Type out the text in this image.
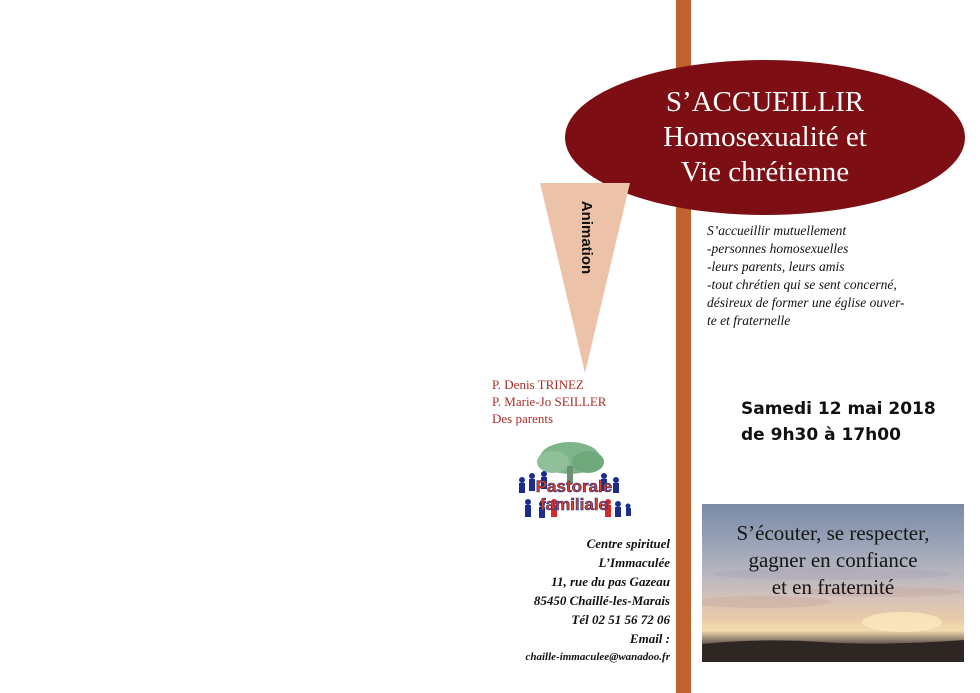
S’ACCUEILLIR
Homosexualité et
Vie chrétienne
Animation
P. Denis TRINEZ
P. Marie-Jo SEILLER
Des parents
Pastorale
familiale
Centre spirituel
L’Immaculée
11, rue du pas Gazeau
85450 Chaillé-les-Marais
Tél 02 51 56 72 06
Email :
chaille-immaculee@wanadoo.fr
S’accueillir mutuellement
-personnes homosexuelles
-leurs parents, leurs amis
-tout chrétien qui se sent concerné,
désireux de former une église ouver-
te et fraternelle
Samedi 12 mai 2018
de 9h30 à 17h00
S’écouter, se respecter,
gagner en confiance
et en fraternité
